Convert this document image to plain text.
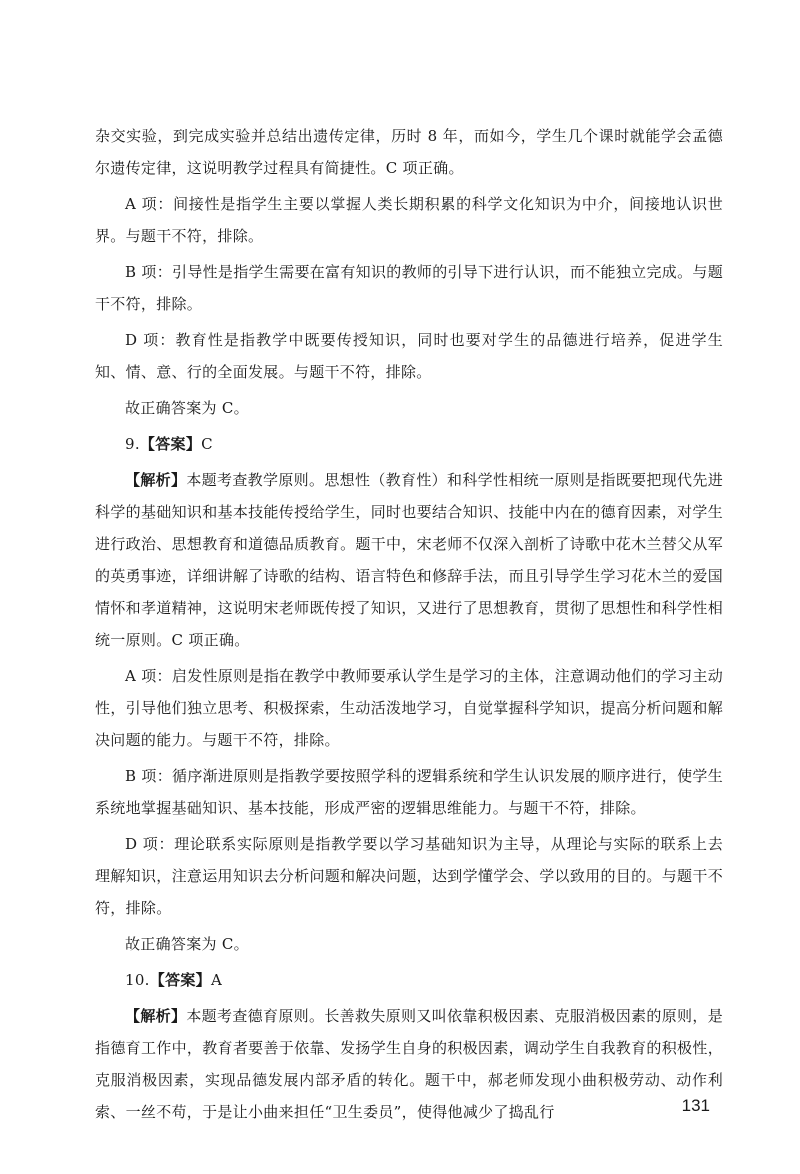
杂交实验，到完成实验并总结出遗传定律，历时 8 年，而如今，学生几个课时就能学会孟德尔遗传定律，这说明教学过程具有简捷性。C 项正确。

A 项：间接性是指学生主要以掌握人类长期积累的科学文化知识为中介，间接地认识世界。与题干不符，排除。

B 项：引导性是指学生需要在富有知识的教师的引导下进行认识，而不能独立完成。与题干不符，排除。

D 项：教育性是指教学中既要传授知识，同时也要对学生的品德进行培养，促进学生知、情、意、行的全面发展。与题干不符，排除。

故正确答案为 C。

9.【答案】C

【解析】本题考查教学原则。思想性（教育性）和科学性相统一原则是指既要把现代先进科学的基础知识和基本技能传授给学生，同时也要结合知识、技能中内在的德育因素，对学生进行政治、思想教育和道德品质教育。题干中，宋老师不仅深入剖析了诗歌中花木兰替父从军的英勇事迹，详细讲解了诗歌的结构、语言特色和修辞手法，而且引导学生学习花木兰的爱国情怀和孝道精神，这说明宋老师既传授了知识，又进行了思想教育，贯彻了思想性和科学性相统一原则。C 项正确。

A 项：启发性原则是指在教学中教师要承认学生是学习的主体，注意调动他们的学习主动性，引导他们独立思考、积极探索，生动活泼地学习，自觉掌握科学知识，提高分析问题和解决问题的能力。与题干不符，排除。

B 项：循序渐进原则是指教学要按照学科的逻辑系统和学生认识发展的顺序进行，使学生系统地掌握基础知识、基本技能，形成严密的逻辑思维能力。与题干不符，排除。

D 项：理论联系实际原则是指教学要以学习基础知识为主导，从理论与实际的联系上去理解知识，注意运用知识去分析问题和解决问题，达到学懂学会、学以致用的目的。与题干不符，排除。

故正确答案为 C。

10.【答案】A

【解析】本题考查德育原则。长善救失原则又叫依靠积极因素、克服消极因素的原则，是指德育工作中，教育者要善于依靠、发扬学生自身的积极因素，调动学生自我教育的积极性，克服消极因素，实现品德发展内部矛盾的转化。题干中，郝老师发现小曲积极劳动、动作利索、一丝不苟，于是让小曲来担任“卫生委员”，使得他减少了捣乱行	131
